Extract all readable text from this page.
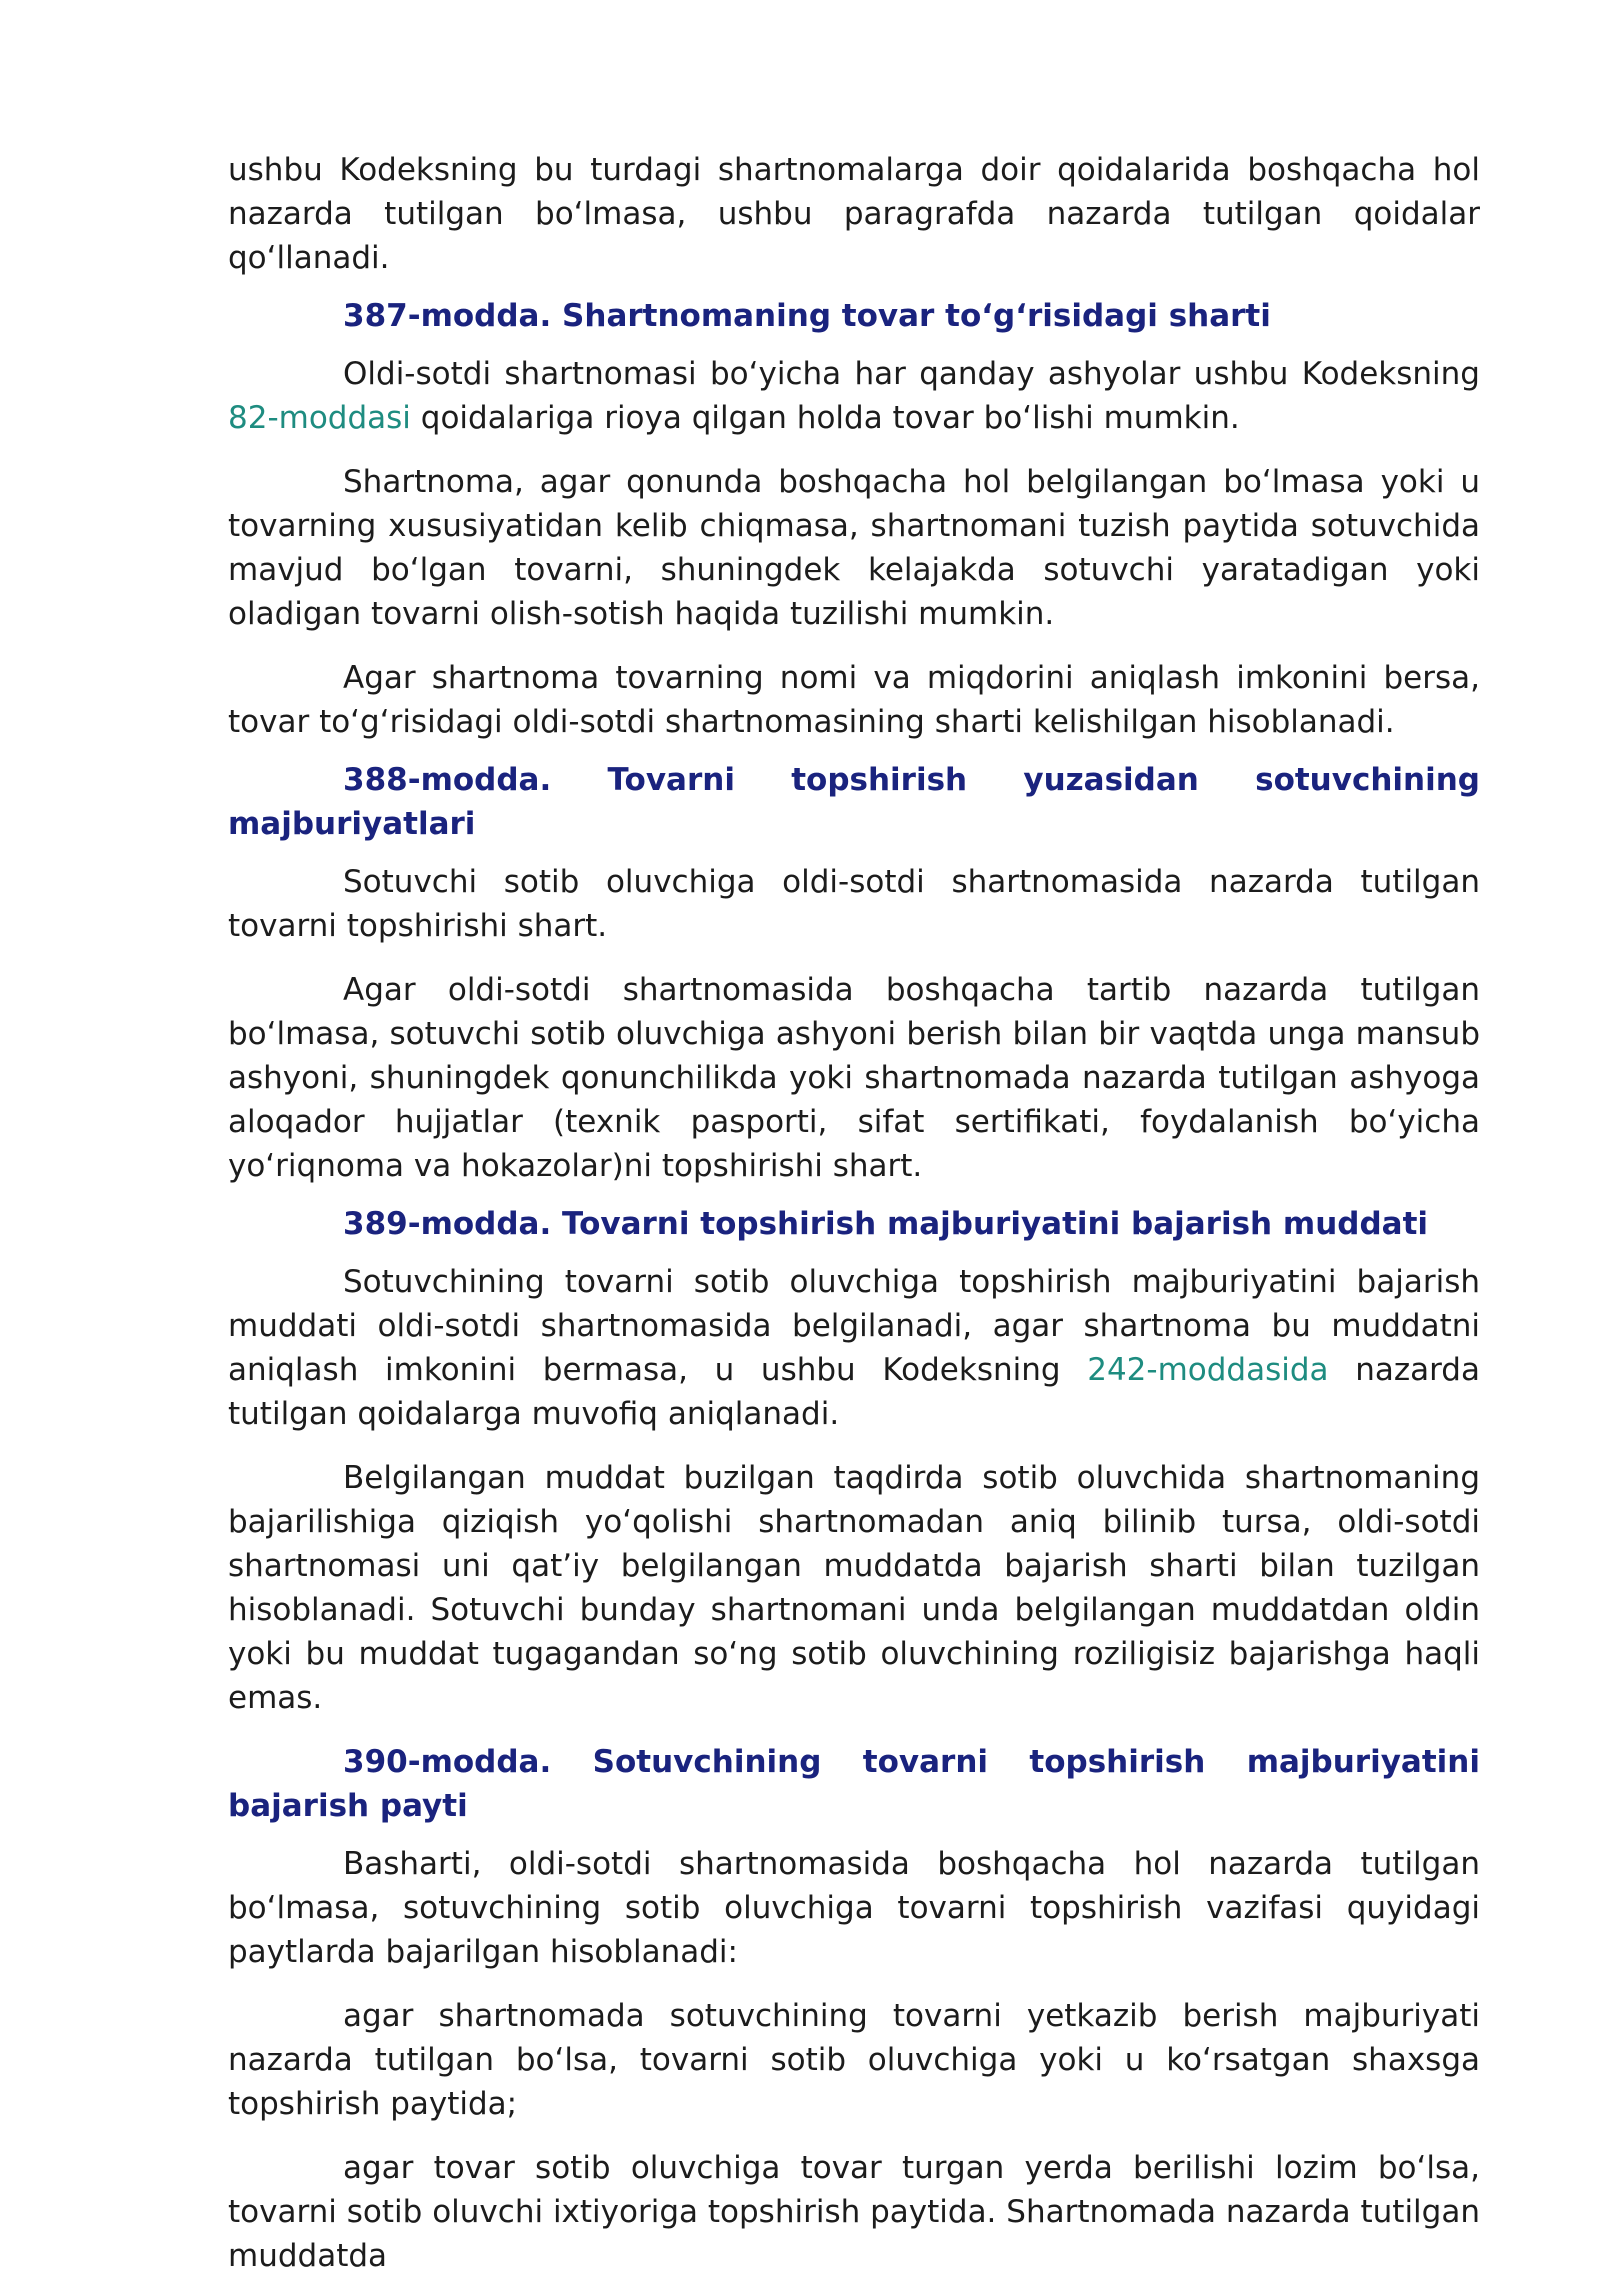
ushbu Kodeksning bu turdagi shartnomalarga doir qoidalarida boshqacha hol nazarda tutilgan boʻlmasa, ushbu paragrafda nazarda tutilgan qoidalar qoʻllanadi.

387-modda. Shartnomaning tovar toʻgʻrisidagi sharti

Oldi-sotdi shartnomasi boʻyicha har qanday ashyolar ushbu Kodeksning 82-moddasi qoidalariga rioya qilgan holda tovar boʻlishi mumkin.

Shartnoma, agar qonunda boshqacha hol belgilangan boʻlmasa yoki u tovarning xususiyatidan kelib chiqmasa, shartnomani tuzish paytida sotuvchida mavjud boʻlgan tovarni, shuningdek kelajakda sotuvchi yaratadigan yoki oladigan tovarni olish-sotish haqida tuzilishi mumkin.

Agar shartnoma tovarning nomi va miqdorini aniqlash imkonini bersa, tovar toʻgʻrisidagi oldi-sotdi shartnomasining sharti kelishilgan hisoblanadi.

388-modda. Tovarni topshirish yuzasidan sotuvchining majburiyatlari

Sotuvchi sotib oluvchiga oldi-sotdi shartnomasida nazarda tutilgan tovarni topshirishi shart.

Agar oldi-sotdi shartnomasida boshqacha tartib nazarda tutilgan boʻlmasa, sotuvchi sotib oluvchiga ashyoni berish bilan bir vaqtda unga mansub ashyoni, shuningdek qonunchilikda yoki shartnomada nazarda tutilgan ashyoga aloqador hujjatlar (texnik pasporti, sifat sertifikati, foydalanish boʻyicha yoʻriqnoma va hokazolar)ni topshirishi shart.

389-modda. Tovarni topshirish majburiyatini bajarish muddati

Sotuvchining tovarni sotib oluvchiga topshirish majburiyatini bajarish muddati oldi-sotdi shartnomasida belgilanadi, agar shartnoma bu muddatni aniqlash imkonini bermasa, u ushbu Kodeksning 242-moddasida nazarda tutilgan qoidalarga muvofiq aniqlanadi.

Belgilangan muddat buzilgan taqdirda sotib oluvchida shartnomaning bajarilishiga qiziqish yoʻqolishi shartnomadan aniq bilinib tursa, oldi-sotdi shartnomasi uni qatʼiy belgilangan muddatda bajarish sharti bilan tuzilgan hisoblanadi. Sotuvchi bunday shartnomani unda belgilangan muddatdan oldin yoki bu muddat tugagandan soʻng sotib oluvchining roziligisiz bajarishga haqli emas.

390-modda. Sotuvchining tovarni topshirish majburiyatini bajarish payti

Basharti, oldi-sotdi shartnomasida boshqacha hol nazarda tutilgan boʻlmasa, sotuvchining sotib oluvchiga tovarni topshirish vazifasi quyidagi paytlarda bajarilgan hisoblanadi:

agar shartnomada sotuvchining tovarni yetkazib berish majburiyati nazarda tutilgan boʻlsa, tovarni sotib oluvchiga yoki u koʻrsatgan shaxsga topshirish paytida;

agar tovar sotib oluvchiga tovar turgan yerda berilishi lozim boʻlsa, tovarni sotib oluvchi ixtiyoriga topshirish paytida. Shartnomada nazarda tutilgan muddatda
